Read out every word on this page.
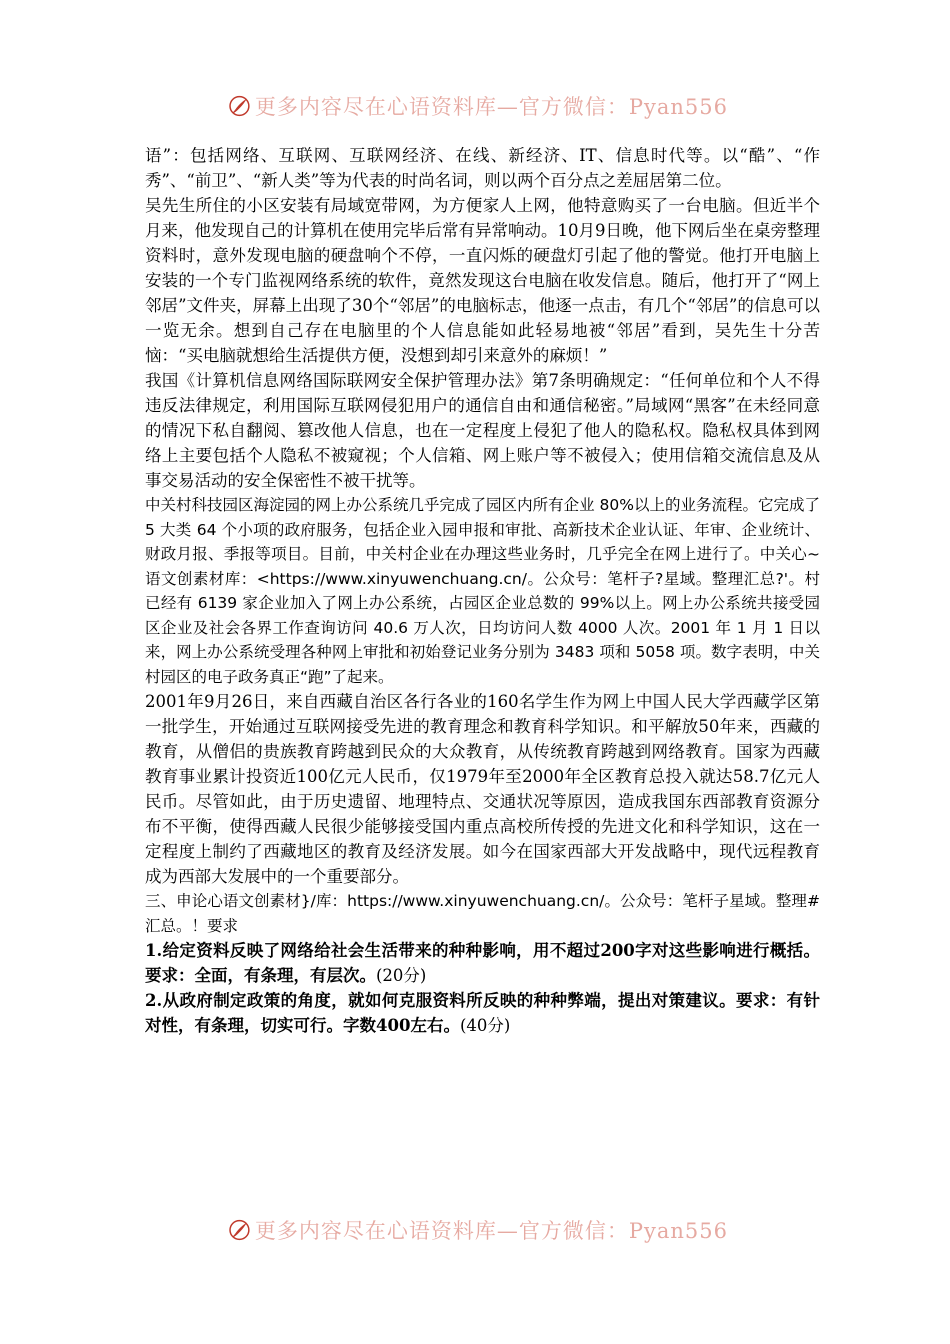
更多内容尽在心语资料库—官方微信：Pyan556

语”：包括网络、互联网、互联网经济、在线、新经济、IT、信息时代等。以“酷”、“作秀”、“前卫”、“新人类”等为代表的时尚名词，则以两个百分点之差屈居第二位。

吴先生所住的小区安装有局域宽带网，为方便家人上网，他特意购买了一台电脑。但近半个月来，他发现自己的计算机在使用完毕后常有异常响动。10月9日晚，他下网后坐在桌旁整理资料时，意外发现电脑的硬盘响个不停，一直闪烁的硬盘灯引起了他的警觉。他打开电脑上安装的一个专门监视网络系统的软件，竟然发现这台电脑在收发信息。随后，他打开了“网上邻居”文件夹，屏幕上出现了30个“邻居”的电脑标志，他逐一点击，有几个“邻居”的信息可以一览无余。想到自己存在电脑里的个人信息能如此轻易地被“邻居”看到，吴先生十分苦恼：“买电脑就想给生活提供方便，没想到却引来意外的麻烦！”

我国《计算机信息网络国际联网安全保护管理办法》第7条明确规定：“任何单位和个人不得违反法律规定，利用国际互联网侵犯用户的通信自由和通信秘密。”局域网“黑客”在未经同意的情况下私自翻阅、篡改他人信息，也在一定程度上侵犯了他人的隐私权。隐私权具体到网络上主要包括个人隐私不被窥视；个人信箱、网上账户等不被侵入；使用信箱交流信息及从事交易活动的安全保密性不被干扰等。

中关村科技园区海淀园的网上办公系统几乎完成了园区内所有企业 80%以上的业务流程。它完成了 5 大类 64 个小项的政府服务，包括企业入园申报和审批、高新技术企业认证、年审、企业统计、财政月报、季报等项目。目前，中关村企业在办理这些业务时，几乎完全在网上进行了。中关心~语文创素材库：<https://www.xinyuwenchuang.cn/。公众号：笔杆子?星域。整理汇总?'。村已经有 6139 家企业加入了网上办公系统，占园区企业总数的 99%以上。网上办公系统共接受园区企业及社会各界工作查询访问 40.6 万人次，日均访问人数 4000 人次。2001 年 1 月 1 日以来，网上办公系统受理各种网上审批和初始登记业务分别为 3483 项和 5058 项。数字表明，中关村园区的电子政务真正“跑”了起来。

2001年9月26日，来自西藏自治区各行各业的160名学生作为网上中国人民大学西藏学区第一批学生，开始通过互联网接受先进的教育理念和教育科学知识。和平解放50年来，西藏的教育，从僧侣的贵族教育跨越到民众的大众教育，从传统教育跨越到网络教育。国家为西藏教育事业累计投资近100亿元人民币，仅1979年至2000年全区教育总投入就达58.7亿元人民币。尽管如此，由于历史遗留、地理特点、交通状况等原因，造成我国东西部教育资源分布不平衡，使得西藏人民很少能够接受国内重点高校所传授的先进文化和科学知识，这在一定程度上制约了西藏地区的教育及经济发展。如今在国家西部大开发战略中，现代远程教育成为西部大发展中的一个重要部分。

三、申论心语文创素材}/库：https://www.xinyuwenchuang.cn/。公众号：笔杆子星域。整理#汇总。！要求

1.给定资料反映了网络给社会生活带来的种种影响，用不超过200字对这些影响进行概括。要求：全面，有条理，有层次。(20分)

2.从政府制定政策的角度，就如何克服资料所反映的种种弊端，提出对策建议。要求：有针对性，有条理，切实可行。字数400左右。(40分)

更多内容尽在心语资料库—官方微信：Pyan556
